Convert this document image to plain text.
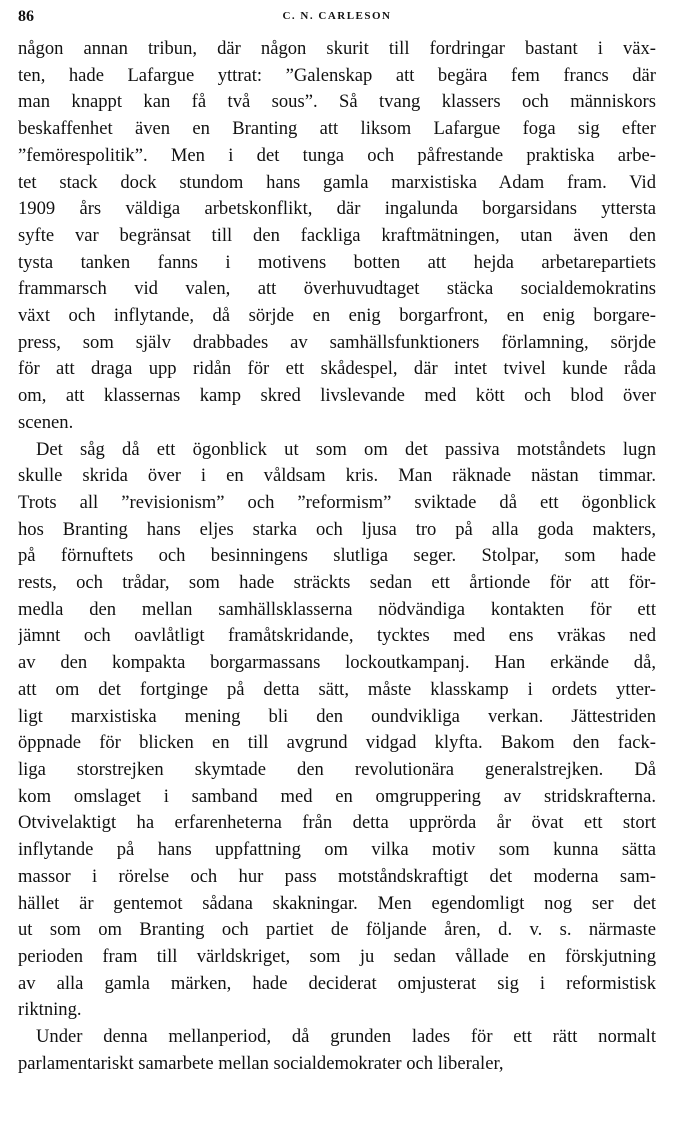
86	C. N. CARLESON

någon annan tribun, där någon skurit till fordringar bastant i väx-
ten, hade Lafargue yttrat: ”Galenskap att begära fem francs där
man knappt kan få två sous”. Så tvang klassers och människors
beskaffenhet även en Branting att liksom Lafargue foga sig efter
”femörespolitik”. Men i det tunga och påfrestande praktiska arbe-
tet stack dock stundom hans gamla marxistiska Adam fram. Vid
1909 års väldiga arbetskonflikt, där ingalunda borgarsidans yttersta
syfte var begränsat till den fackliga kraftmätningen, utan även den
tysta tanken fanns i motivens botten att hejda arbetarepartiets
frammarsch vid valen, att överhuvudtaget stäcka socialdemokratins
växt och inflytande, då sörjde en enig borgarfront, en enig borgare-
press, som själv drabbades av samhällsfunktioners förlamning, sörjde
för att draga upp ridån för ett skådespel, där intet tvivel kunde råda
om, att klassernas kamp skred livslevande med kött och blod över
scenen.

Det såg då ett ögonblick ut som om det passiva motståndets lugn
skulle skrida över i en våldsam kris. Man räknade nästan timmar.
Trots all ”revisionism” och ”reformism” sviktade då ett ögonblick
hos Branting hans eljes starka och ljusa tro på alla goda makters,
på förnuftets och besinningens slutliga seger. Stolpar, som hade
rests, och trådar, som hade sträckts sedan ett årtionde för att för-
medla den mellan samhällsklasserna nödvändiga kontakten för ett
jämnt och oavlåtligt framåtskridande, tycktes med ens vräkas ned
av den kompakta borgarmassans lockoutkampanj. Han erkände då,
att om det fortginge på detta sätt, måste klasskamp i ordets ytter-
ligt marxistiska mening bli den oundvikliga verkan. Jättestriden
öppnade för blicken en till avgrund vidgad klyfta. Bakom den fack-
liga storstrejken skymtade den revolutionära generalstrejken. Då
kom omslaget i samband med en omgruppering av stridskrafterna.
Otvivelaktigt ha erfarenheterna från detta upprörda år övat ett stort
inflytande på hans uppfattning om vilka motiv som kunna sätta
massor i rörelse och hur pass motståndskraftigt det moderna sam-
hället är gentemot sådana skakningar. Men egendomligt nog ser det
ut som om Branting och partiet de följande åren, d. v. s. närmaste
perioden fram till världskriget, som ju sedan vållade en förskjutning
av alla gamla märken, hade deciderat omjusterat sig i reformistisk
riktning.

Under denna mellanperiod, då grunden lades för ett rätt normalt
parlamentariskt samarbete mellan socialdemokrater och liberaler,
